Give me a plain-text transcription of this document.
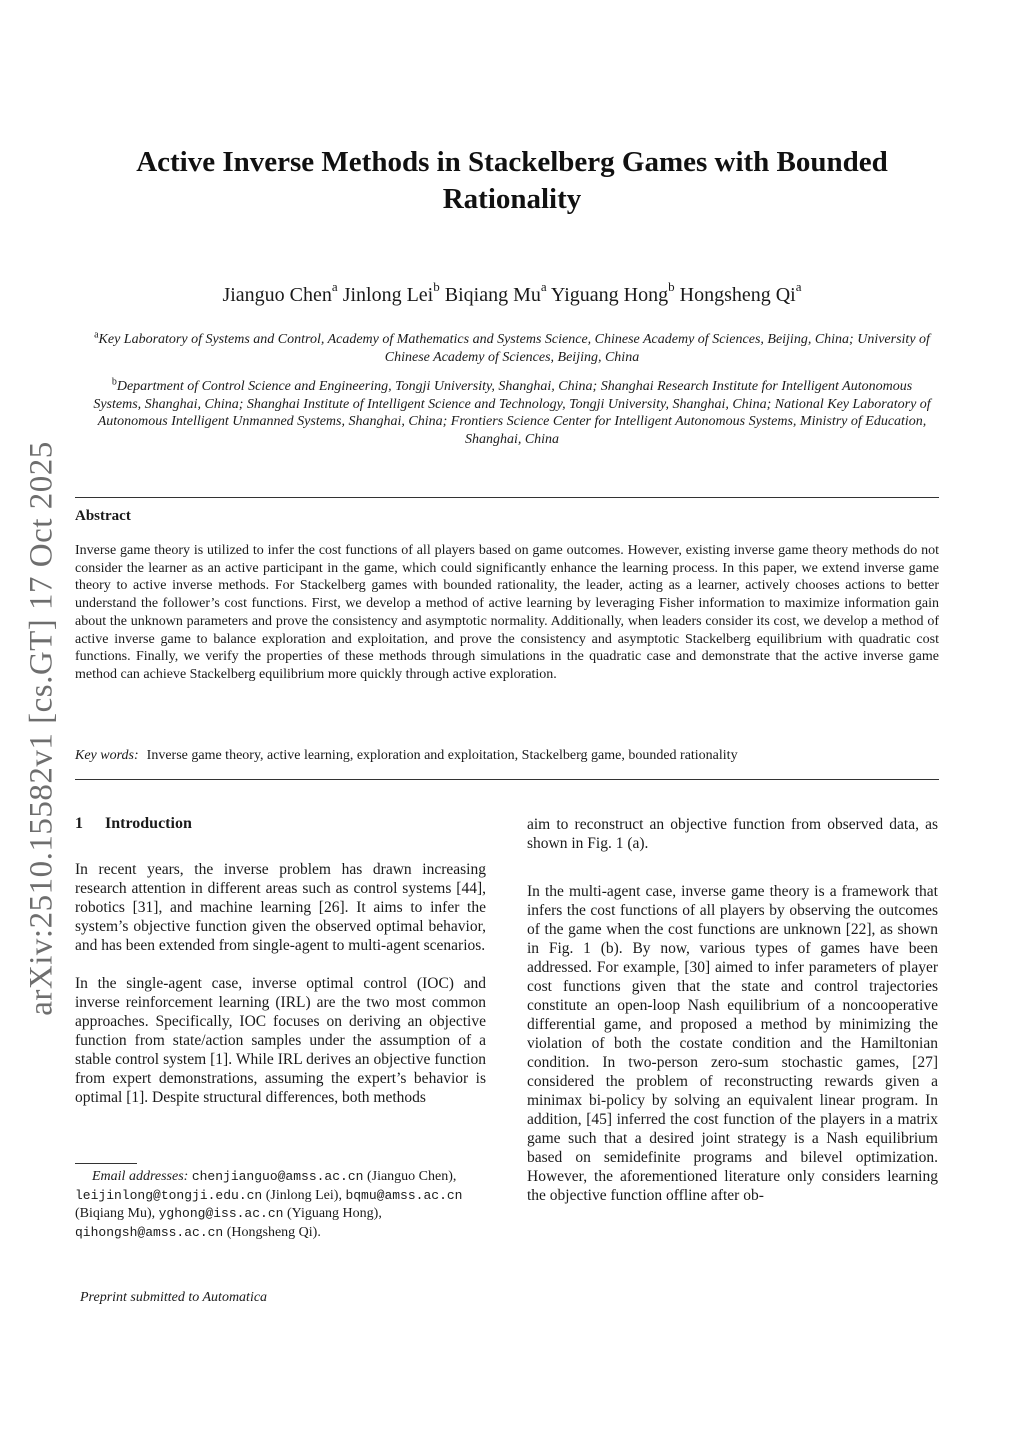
arXiv:2510.15582v1 [cs.GT] 17 Oct 2025
Active Inverse Methods in Stackelberg Games with Bounded Rationality
Jianguo Chen$^a$ Jinlong Lei$^b$ Biqiang Mu$^a$ Yiguang Hong$^b$ Hongsheng Qi$^a$
$^a$Key Laboratory of Systems and Control, Academy of Mathematics and Systems Science, Chinese Academy of Sciences, Beijing, China; University of Chinese Academy of Sciences, Beijing, China
$^b$Department of Control Science and Engineering, Tongji University, Shanghai, China; Shanghai Research Institute for Intelligent Autonomous Systems, Shanghai, China; Shanghai Institute of Intelligent Science and Technology, Tongji University, Shanghai, China; National Key Laboratory of Autonomous Intelligent Unmanned Systems, Shanghai, China; Frontiers Science Center for Intelligent Autonomous Systems, Ministry of Education, Shanghai, China
Abstract
Inverse game theory is utilized to infer the cost functions of all players based on game outcomes. However, existing inverse game theory methods do not consider the learner as an active participant in the game, which could significantly enhance the learning process. In this paper, we extend inverse game theory to active inverse methods. For Stackelberg games with bounded rationality, the leader, acting as a learner, actively chooses actions to better understand the follower’s cost functions. First, we develop a method of active learning by leveraging Fisher information to maximize information gain about the unknown parameters and prove the consistency and asymptotic normality. Additionally, when leaders consider its cost, we develop a method of active inverse game to balance exploration and exploitation, and prove the consistency and asymptotic Stackelberg equilibrium with quadratic cost functions. Finally, we verify the properties of these methods through simulations in the quadratic case and demonstrate that the active inverse game method can achieve Stackelberg equilibrium more quickly through active exploration.
Key words: Inverse game theory, active learning, exploration and exploitation, Stackelberg game, bounded rationality

1 Introduction

In recent years, the inverse problem has drawn increasing research attention in different areas such as control systems [44], robotics [31], and machine learning [26]. It aims to infer the system’s objective function given the observed optimal behavior, and has been extended from single-agent to multi-agent scenarios.

In the single-agent case, inverse optimal control (IOC) and inverse reinforcement learning (IRL) are the two most common approaches. Specifically, IOC focuses on deriving an objective function from state/action samples under the assumption of a stable control system [1]. While IRL derives an objective function from expert demonstrations, assuming the expert’s behavior is optimal [1]. Despite structural differences, both methods

aim to reconstruct an objective function from observed data, as shown in Fig. 1 (a).

In the multi-agent case, inverse game theory is a framework that infers the cost functions of all players by observing the outcomes of the game when the cost functions are unknown [22], as shown in Fig. 1 (b). By now, various types of games have been addressed. For example, [30] aimed to infer parameters of player cost functions given that the state and control trajectories constitute an open-loop Nash equilibrium of a noncooperative differential game, and proposed a method by minimizing the violation of both the costate condition and the Hamiltonian condition. In two-person zero-sum stochastic games, [27] considered the problem of reconstructing rewards given a minimax bi-policy by solving an equivalent linear program. In addition, [45] inferred the cost function of the players in a matrix game such that a desired joint strategy is a Nash equilibrium based on semidefinite programs and bilevel optimization. However, the aforementioned literature only considers learning the objective function offline after ob-

Email addresses: chenjianguo@amss.ac.cn (Jianguo Chen), leijinlong@tongji.edu.cn (Jinlong Lei), bqmu@amss.ac.cn (Biqiang Mu), yghong@iss.ac.cn (Yiguang Hong), qihongsh@amss.ac.cn (Hongsheng Qi).
Preprint submitted to Automatica
